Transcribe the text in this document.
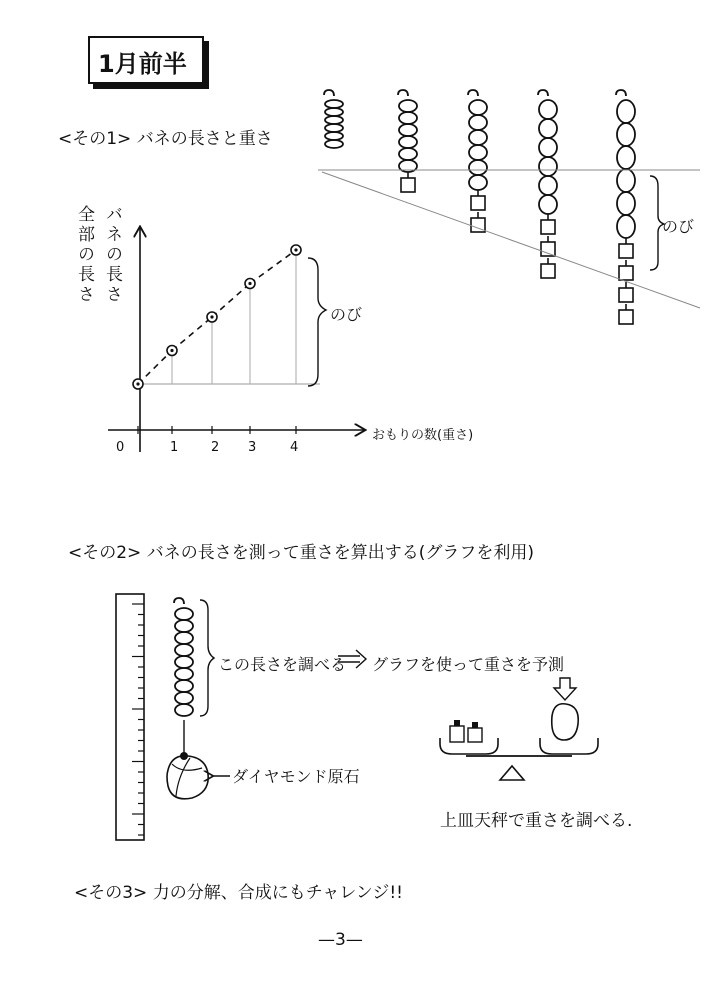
1月前半
<その1> バネの長さと重さ
バネの長さ
全部の長さ
おもりの数(重さ)
のび
のび
0	1	2 3	4
<その2> バネの長さを測って重さを算出する(グラフを利用)
この長さを調べる グラフを使って重さを予測
ダイヤモンド原石
上皿天秤で重さを調べる.
<その3> 力の分解、合成にもチャレンジ!!
—3—
